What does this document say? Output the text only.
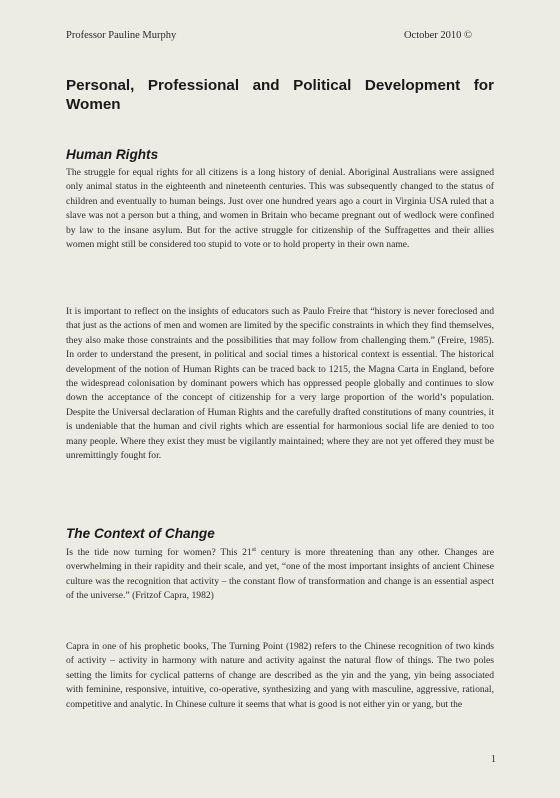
Professor Pauline Murphy	October 2010 ©
Personal, Professional and Political Development for Women
Human Rights

The struggle for equal rights for all citizens is a long history of denial. Aboriginal Australians were assigned only animal status in the eighteenth and nineteenth centuries. This was subsequently changed to the status of children and eventually to human beings. Just over one hundred years ago a court in Virginia USA ruled that a slave was not a person but a thing, and women in Britain who became pregnant out of wedlock were confined by law to the insane asylum. But for the active struggle for citizenship of the Suffragettes and their allies women might still be considered too stupid to vote or to hold property in their own name.

It is important to reflect on the insights of educators such as Paulo Freire that “history is never foreclosed and that just as the actions of men and women are limited by the specific constraints in which they find themselves, they also make those constraints and the possibilities that may follow from challenging them.” (Freire, 1985). In order to understand the present, in political and social times a historical context is essential. The historical development of the notion of Human Rights can be traced back to 1215, the Magna Carta in England, before the widespread colonisation by dominant powers which has oppressed people globally and continues to slow down the acceptance of the concept of citizenship for a very large proportion of the world’s population. Despite the Universal declaration of Human Rights and the carefully drafted constitutions of many countries, it is undeniable that the human and civil rights which are essential for harmonious social life are denied to too many people. Where they exist they must be vigilantly maintained; where they are not yet offered they must be unremittingly fought for.

The Context of Change

Is the tide now turning for women? This 21st century is more threatening than any other. Changes are overwhelming in their rapidity and their scale, and yet, “one of the most important insights of ancient Chinese culture was the recognition that activity – the constant flow of transformation and change is an essential aspect of the universe.” (Fritzof Capra, 1982)

Capra in one of his prophetic books, The Turning Point (1982) refers to the Chinese recognition of two kinds of activity – activity in harmony with nature and activity against the natural flow of things. The two poles setting the limits for cyclical patterns of change are described as the yin and the yang, yin being associated with feminine, responsive, intuitive, co-operative, synthesizing and yang with masculine, aggressive, rational, competitive and analytic. In Chinese culture it seems that what is good is not either yin or yang, but the

1
